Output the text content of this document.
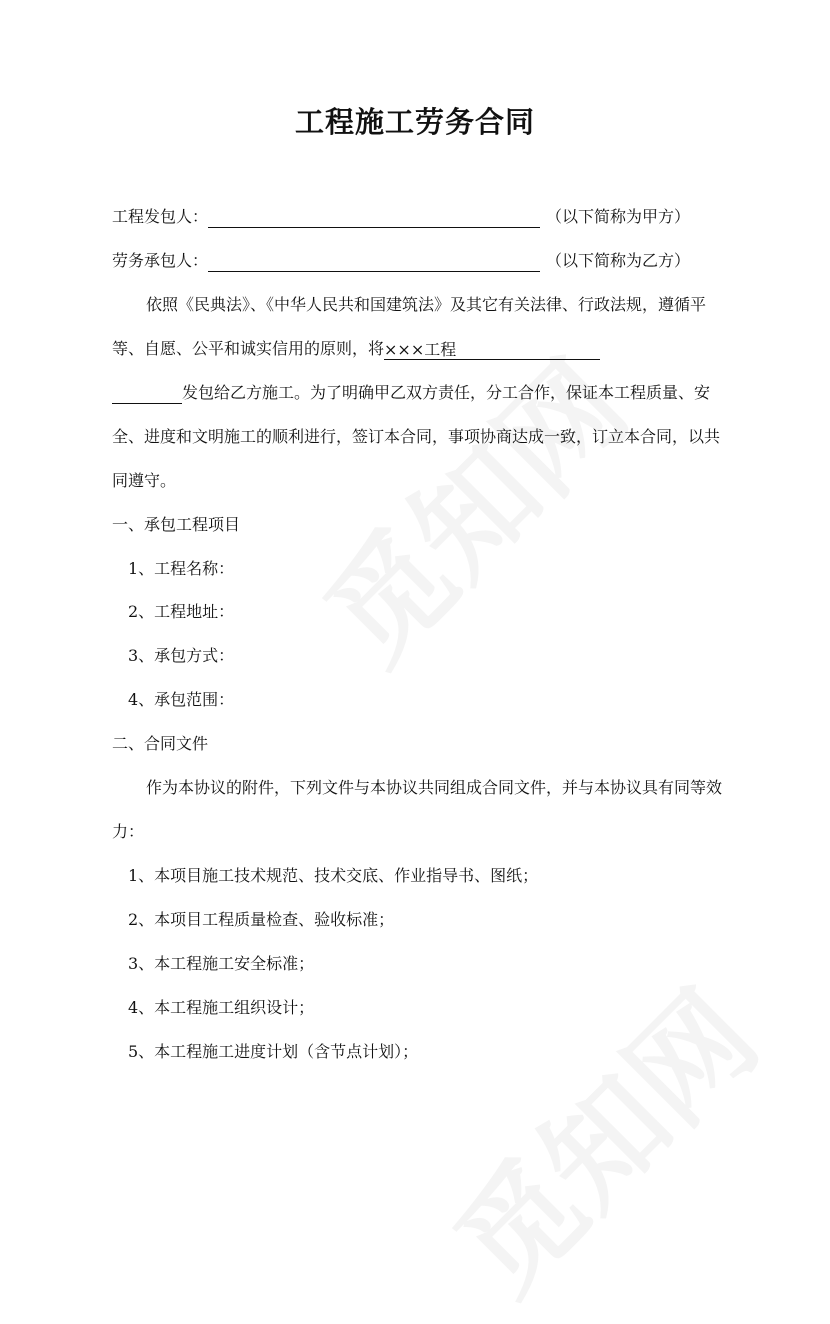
工程施工劳务合同
工程发包人：	（以下简称为甲方）
劳务承包人：	（以下简称为乙方）
依照《民典法》、《中华人民共和国建筑法》及其它有关法律、行政法规，遵循平
等、自愿、公平和诚实信用的原则，将×××工程
发包给乙方施工。为了明确甲乙双方责任，分工合作，保证本工程质量、安
全、进度和文明施工的顺利进行，签订本合同，事项协商达成一致，订立本合同，以共
同遵守。
一、承包工程项目
1、工程名称：
2、工程地址：
3、承包方式：
4、承包范围：
二、合同文件
作为本协议的附件，下列文件与本协议共同组成合同文件，并与本协议具有同等效
力：
1、本项目施工技术规范、技术交底、作业指导书、图纸；
2、本项目工程质量检查、验收标准；
3、本工程施工安全标准；
4、本工程施工组织设计；
5、本工程施工进度计划（含节点计划）；
